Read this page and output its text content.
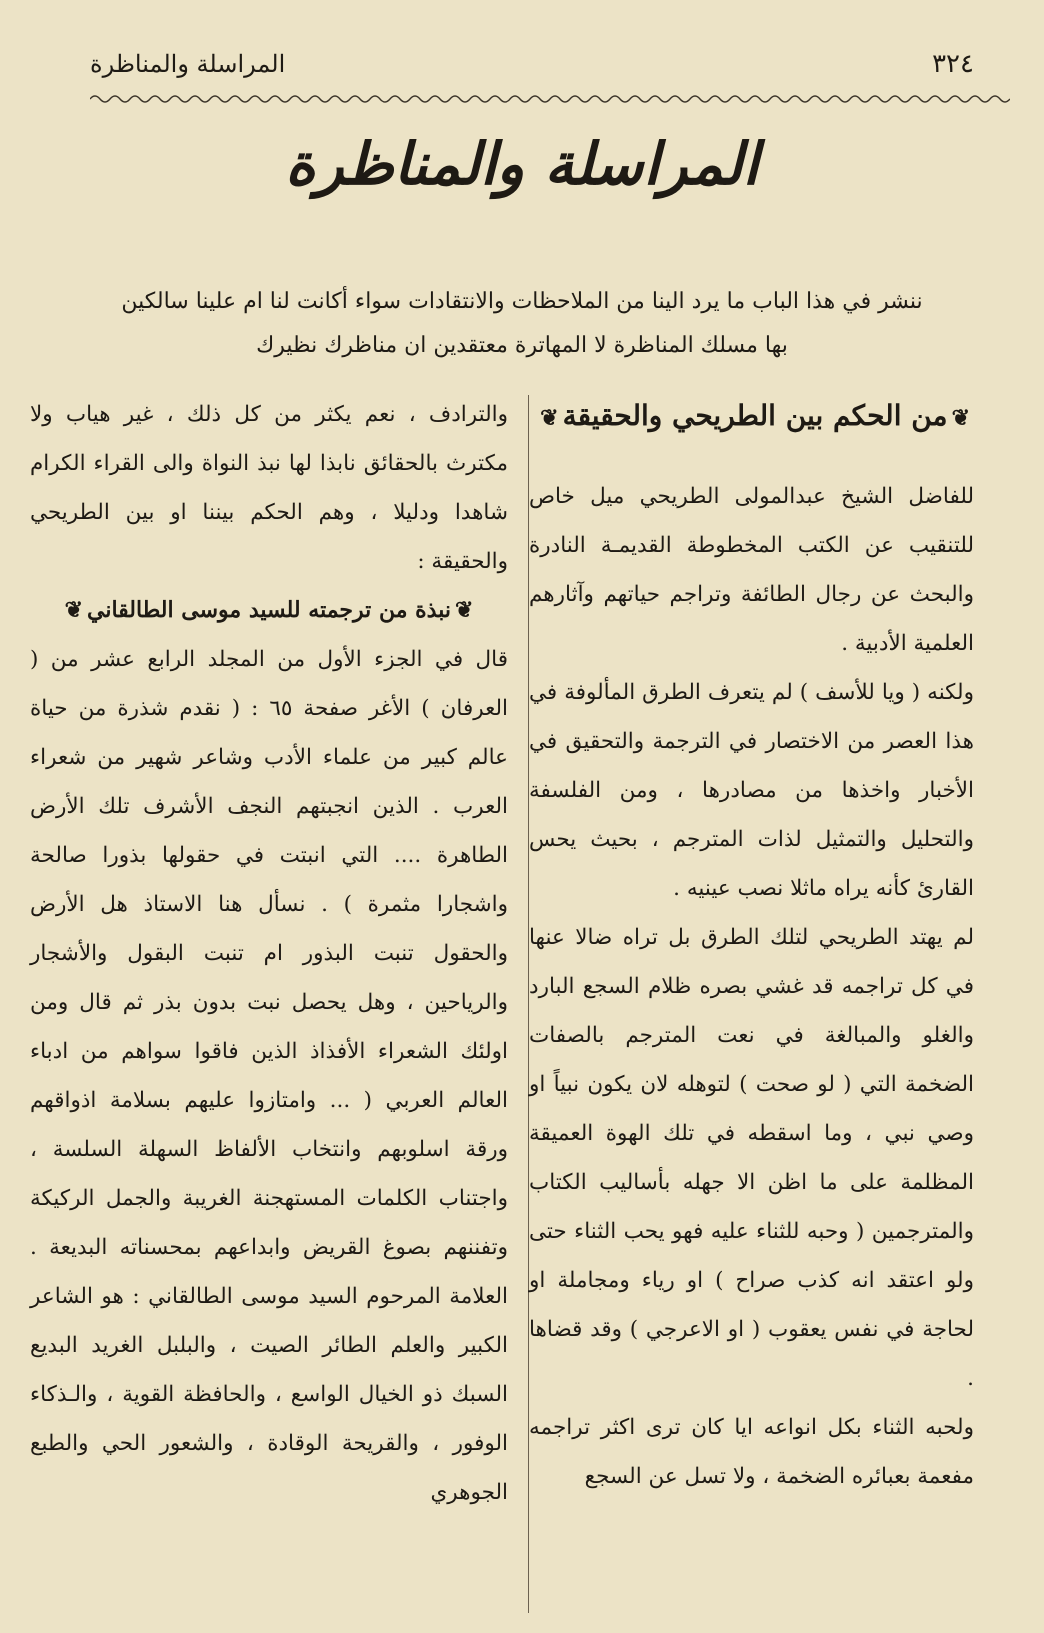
٣٢٤
المراسلة والمناظرة
المراسلة والمناظرة

ننشر في هذا الباب ما يرد الينا من الملاحظات والانتقادات سواء أكانت لنا ام علينا سالكين

بها مسلك المناظرة لا المهاترة معتقدين ان مناظرك نظيرك

❦من الحكم بين الطريحي والحقيقة❦

للفاضل الشيخ عبدالمولى الطريحي ميل خاص للتنقيب عن الكتب المخطوطة القديمـة النادرة والبحث عن رجال الطائفة وتراجم حياتهم وآثارهم العلمية الأدبية .

ولكنه ( ويا للأسف ) لم يتعرف الطرق المألوفة في هذا العصر من الاختصار في الترجمة والتحقيق في الأخبار واخذها من مصادرها ، ومن الفلسفة والتحليل والتمثيل لذات المترجم ، بحيث يحس القارئ كأنه يراه ماثلا نصب عينيه .

لم يهتد الطريحي لتلك الطرق بل تراه ضالا عنها في كل تراجمه قد غشي بصره ظلام السجع البارد والغلو والمبالغة في نعت المترجم بالصفات الضخمة التي ( لو صحت ) لتوهله لان يكون نبياً او وصي نبي ، وما اسقطه في تلك الهوة العميقة المظلمة على ما اظن الا جهله بأساليب الكتاب والمترجمين ( وحبه للثناء عليه فهو يحب الثناء حتى ولو اعتقد انه كذب صراح ) او رياء ومجاملة او لحاجة في نفس يعقوب ( او الاعرجي ) وقد قضاها .

ولحبه الثناء بكل انواعه ايا كان ترى اكثر تراجمه مفعمة بعبائره الضخمة ، ولا تسل عن السجع

والترادف ، نعم يكثر من كل ذلك ، غير هياب ولا مكترث بالحقائق نابذا لها نبذ النواة والى القراء الكرام شاهدا ودليلا ، وهم الحكم بيننا او بين الطريحي والحقيقة :

❦نبذة من ترجمته للسيد موسى الطالقاني❦

قال في الجزء الأول من المجلد الرابع عشر من ( العرفان ) الأغر صفحة ٦٥ : ( نقدم شذرة من حياة عالم كبير من علماء الأدب وشاعر شهير من شعراء العرب . الذين انجبتهم النجف الأشرف تلك الأرض الطاهرة .... التي انبتت في حقولها بذورا صالحة واشجارا مثمرة ) . نسأل هنا الاستاذ هل الأرض والحقول تنبت البذور ام تنبت البقول والأشجار والرياحين ، وهل يحصل نبت بدون بذر ثم قال ومن اولئك الشعراء الأفذاذ الذين فاقوا سواهم من ادباء العالم العربي ( ... وامتازوا عليهم بسلامة اذواقهم ورقة اسلوبهم وانتخاب الألفاظ السهلة السلسة ، واجتناب الكلمات المستهجنة الغريبة والجمل الركيكة وتفننهم بصوغ القريض وابداعهم بمحسناته البديعة . العلامة المرحوم السيد موسى الطالقاني : هو الشاعر الكبير والعلم الطائر الصيت ، والبلبل الغريد البديع السبك ذو الخيال الواسع ، والحافظة القوية ، والـذكاء الوفور ، والقريحة الوقادة ، والشعور الحي والطبع الجوهري
